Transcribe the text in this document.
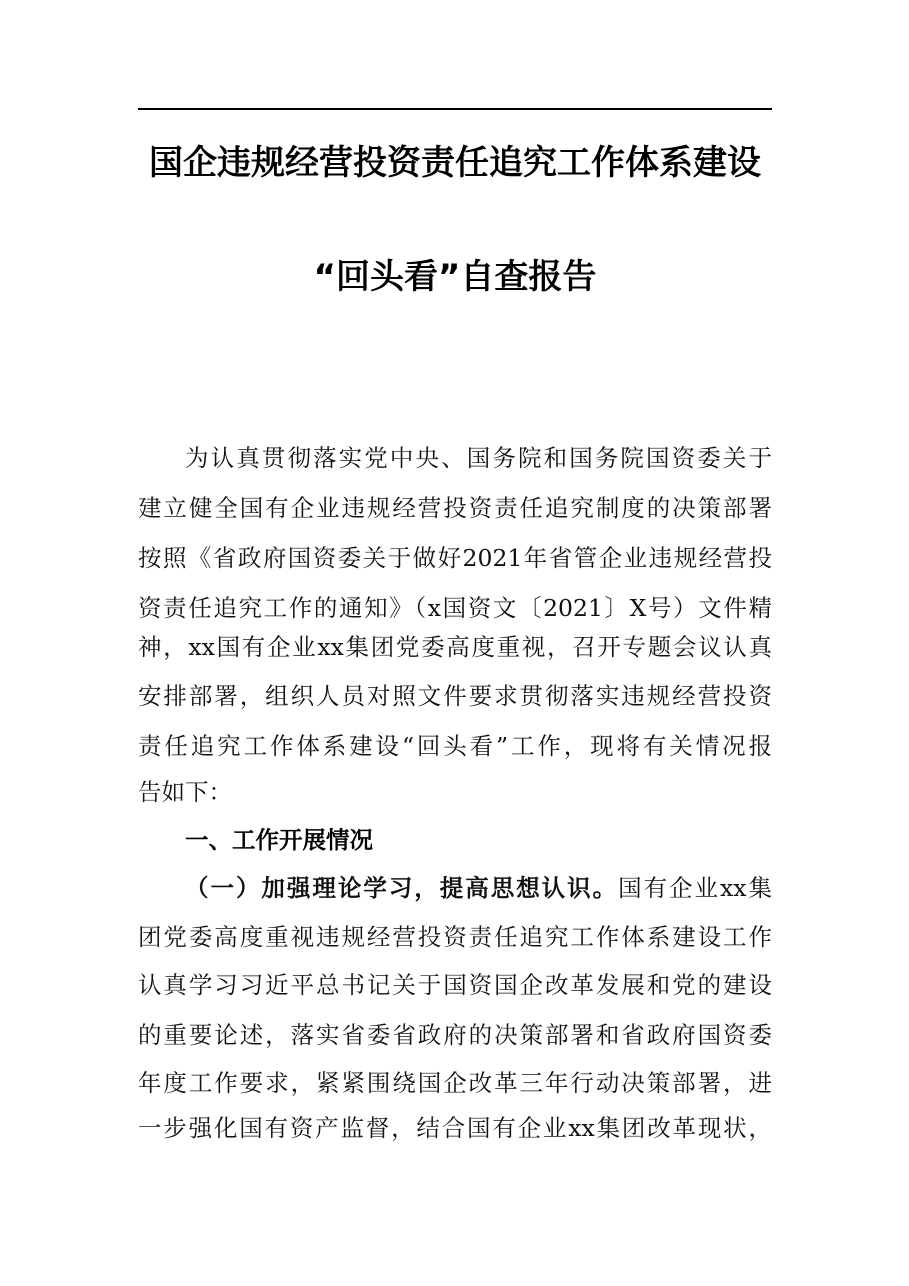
国企违规经营投资责任追究工作体系建设
“回头看”自查报告
为认真贯彻落实党中央、国务院和国务院国资委关于
建立健全国有企业违规经营投资责任追究制度的决策部署
按照《省政府国资委关于做好2021年省管企业违规经营投
资责任追究工作的通知》（x国资文〔2021〕X号）文件精
神，xx国有企业xx集团党委高度重视，召开专题会议认真
安排部署，组织人员对照文件要求贯彻落实违规经营投资
责任追究工作体系建设“回头看”工作，现将有关情况报
告如下：
一、工作开展情况
（一）加强理论学习，提高思想认识。国有企业xx集
团党委高度重视违规经营投资责任追究工作体系建设工作
认真学习习近平总书记关于国资国企改革发展和党的建设
的重要论述，落实省委省政府的决策部署和省政府国资委
年度工作要求，紧紧围绕国企改革三年行动决策部署，进
一步强化国有资产监督，结合国有企业xx集团改革现状，
